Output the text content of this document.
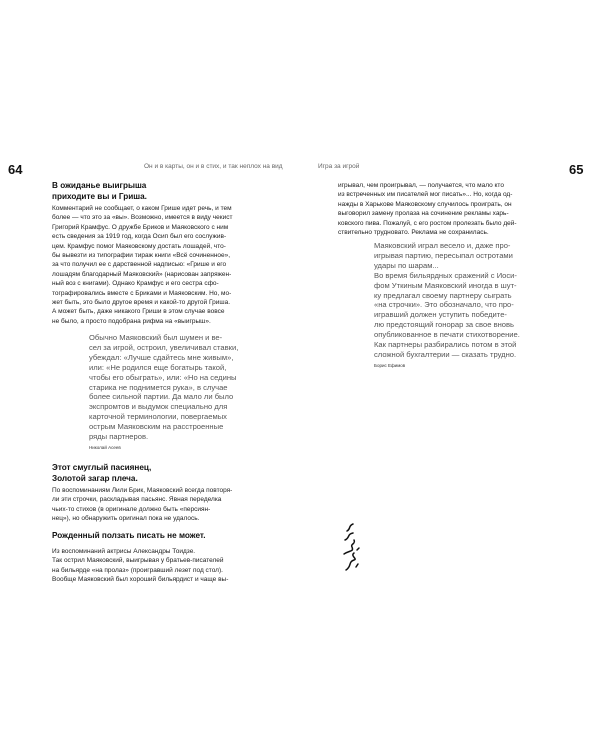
64	Он и в карты, он и в стих, и так неплох на вид

В ожиданье выигрыша
приходите вы и Гриша.

Комментарий не сообщает, о каком Грише идет речь, и тем
более — что это за «вы». Возможно, имеется в виду чекист
Григорий Крамфус. О дружбе Бриков и Маяковского с ним
есть сведения за 1919 год, когда Осип был его сослужив-
цем. Крамфус помог Маяковскому достать лошадей, что-
бы вывезти из типографии тираж книги «Всё сочиненное»,
за что получил ее с дарственной надписью: «Грише и его
лошадям благодарный Маяковский» (нарисован запряжен-
ный воз с книгами). Однако Крамфус и его сестра сфо-
тографировались вместе с Бриками и Маяковским. Но, мо-
жет быть, это было другое время и какой-то другой Гриша.
А может быть, даже никакого Гриши в этом случае вовсе
не было, а просто подобрана рифма на «выигрыш».

Обычно Маяковский был шумен и ве-
сел за игрой, остроил, увеличивал ставки,
убеждал: «Лучше сдайтесь мне живым»,
или: «Не родился еще богатырь такой,
чтобы его обыграть», или: «Но на седины
старика не поднимется рука», в случае
более сильной партии. Да мало ли было
экспромтов и выдумок специально для
карточной терминологии, повергаемых
острым Маяковским на расстроенные
ряды партнеров.

Николай Асеев

Этот смуглый пасиянец,
Золотой загар плеча.

По воспоминаниям Лили Брик, Маяковский всегда повторя-
ли эти строчки, раскладывая пасьянс. Явная переделка
чьих-то стихов (в оригинале должно быть «персиян-
нец»), но обнаружить оригинал пока не удалось.

Рожденный ползать писать не может.

Из воспоминаний актрисы Александры Тоидзе.
Так острил Маяковский, выигрывая у братьев-писателей
на бильярде «на пролаз» (проигравший лезет под стол).
Вообще Маяковский был хороший бильярдист и чаще вы-

Игра за игрой	65

игрывал, чем проигрывал, — получается, что мало кто
из встреченных им писателей мог писать»... Но, когда од-
нажды в Харькове Маяковскому случилось проиграть, он
выговорил замену пролаза на сочинение рекламы харь-
ковского пива. Пожалуй, с его ростом пролезать было дей-
ствительно трудновато. Реклама не сохранилась.

Маяковский играл весело и, даже про-
игрывая партию, пересыпал остротами
удары по шарам...
Во время бильярдных сражений с Иоси-
фом Уткиным Маяковский иногда в шут-
ку предлагал своему партнеру сыграть
«на строчки». Это обозначало, что про-
игравший должен уступить победите-
лю предстоящий гонорар за свое вновь
опубликованное в печати стихотворение.
Как партнеры разбирались потом в этой
сложной бухгалтерии — сказать трудно.

Борис Ефимов
